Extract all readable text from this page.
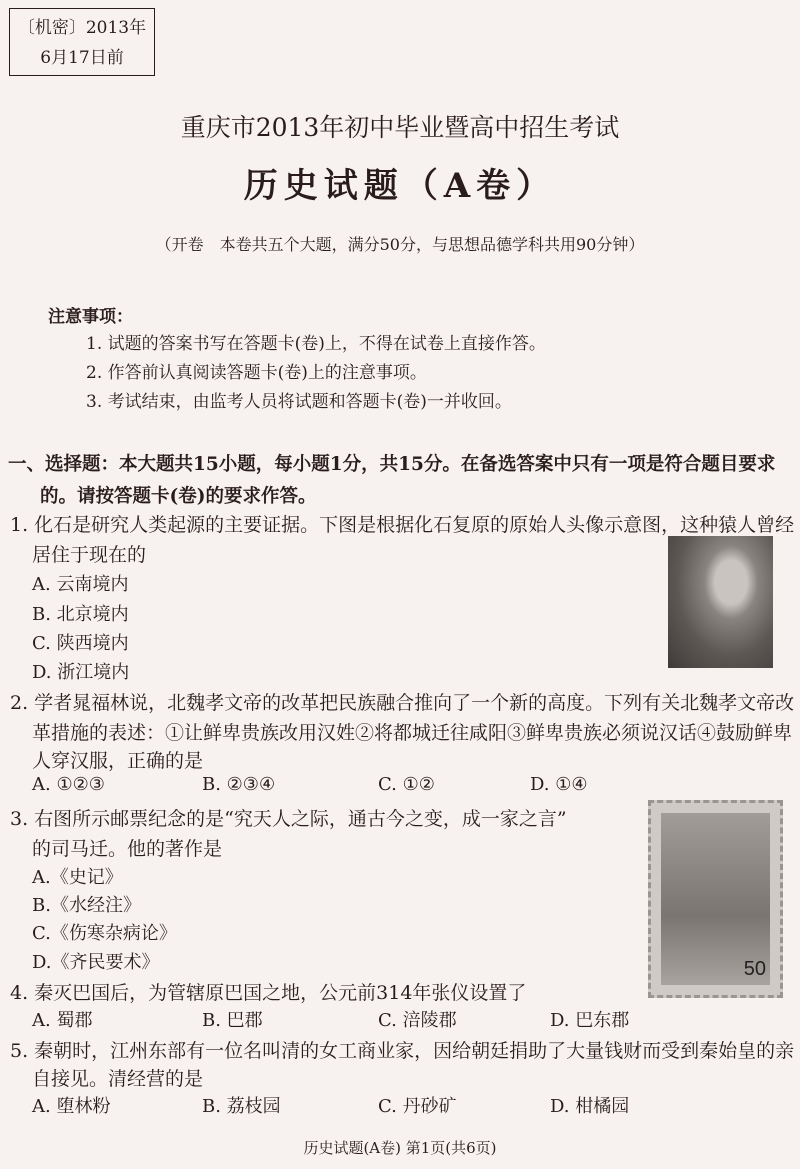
〔机密〕2013年
6月17日前
重庆市2013年初中毕业暨高中招生考试
历史试题（A卷）
（开卷　本卷共五个大题，满分50分，与思想品德学科共用90分钟）
注意事项：
1. 试题的答案书写在答题卡(卷)上，不得在试卷上直接作答。
2. 作答前认真阅读答题卡(卷)上的注意事项。
3. 考试结束，由监考人员将试题和答题卡(卷)一并收回。
一、选择题：本大题共15小题，每小题1分，共15分。在备选答案中只有一项是符合题目要求
的。请按答题卡(卷)的要求作答。
1. 化石是研究人类起源的主要证据。下图是根据化石复原的原始人头像示意图，这种猿人曾经
居住于现在的
A. 云南境内
B. 北京境内
C. 陕西境内
D. 浙江境内
2. 学者晁福林说，北魏孝文帝的改革把民族融合推向了一个新的高度。下列有关北魏孝文帝改
革措施的表述：①让鲜卑贵族改用汉姓②将都城迁往咸阳③鲜卑贵族必须说汉话④鼓励鲜卑
人穿汉服，正确的是
A. ①②③	B. ②③④	C. ①②	D. ①④
3. 右图所示邮票纪念的是“究天人之际，通古今之变，成一家之言”
的司马迁。他的著作是
A.《史记》
B.《水经注》
C.《伤寒杂病论》
D.《齐民要术》	50
4. 秦灭巴国后，为管辖原巴国之地，公元前314年张仪设置了
A. 蜀郡	B. 巴郡	C. 涪陵郡	D. 巴东郡
5. 秦朝时，江州东部有一位名叫清的女工商业家，因给朝廷捐助了大量钱财而受到秦始皇的亲
自接见。清经营的是
A. 堕林粉	B. 荔枝园	C. 丹砂矿	D. 柑橘园
历史试题(A卷) 第1页(共6页)
